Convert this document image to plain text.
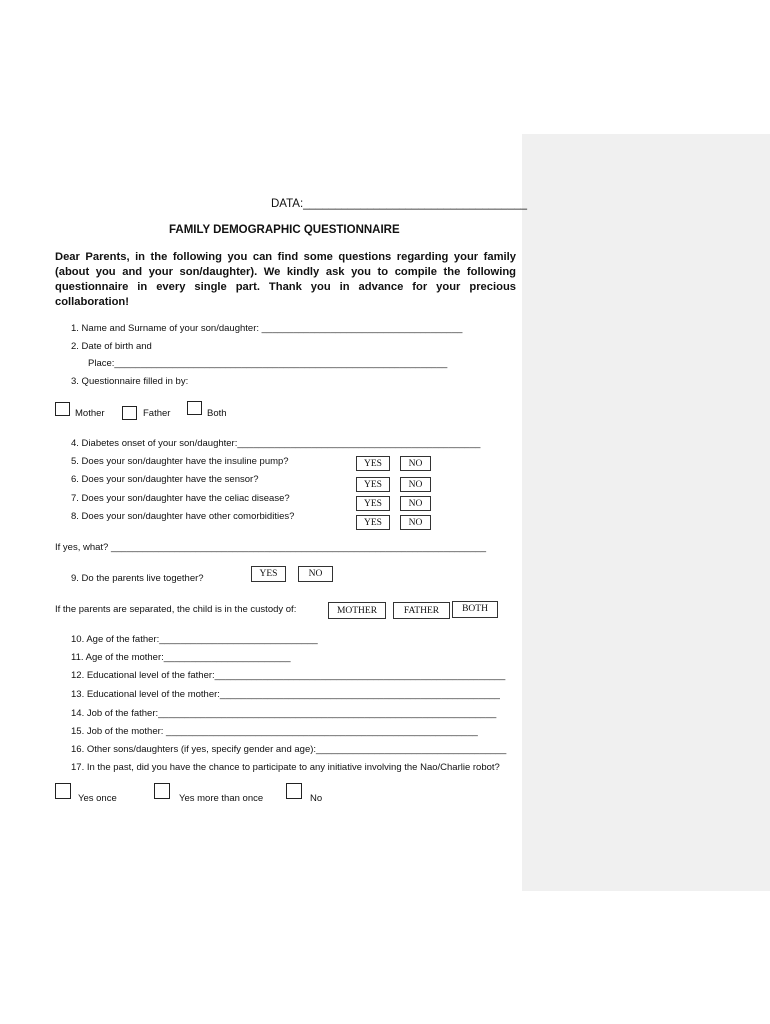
DATA:___________________________________
FAMILY DEMOGRAPHIC QUESTIONNAIRE
Dear Parents, in the following you can find some questions regarding your family (about you and your son/daughter). We kindly ask you to compile the following questionnaire in every single part. Thank you in advance for your precious collaboration!
1. Name and Surname of your son/daughter: ______________________________________
2. Date of birth and
Place:_______________________________________________________________
3. Questionnaire filled in by:
Mother	Father	Both
4. Diabetes onset of your son/daughter:______________________________________________
5. Does your son/daughter have the insuline pump?	YES	NO
6. Does your son/daughter have the sensor?	YES	NO
7. Does your son/daughter have the celiac disease?	YES	NO
8. Does your son/daughter have other comorbidities?
YES	NO
If yes, what? _______________________________________________________________________
9. Do the parents live together?	YES	NO
If the parents are separated, the child is in the custody of:	MOTHER	FATHER	BOTH
10. Age of the father:______________________________
11. Age of the mother:________________________
12. Educational level of the father:_______________________________________________________
13. Educational level of the mother:_____________________________________________________
14. Job of the father:________________________________________________________________
15. Job of the mother: ___________________________________________________________
16. Other sons/daughters (if yes, specify gender and age):____________________________________
17. In the past, did you have the chance to participate to any initiative involving the Nao/Charlie robot?
Yes once	Yes more than once	No
